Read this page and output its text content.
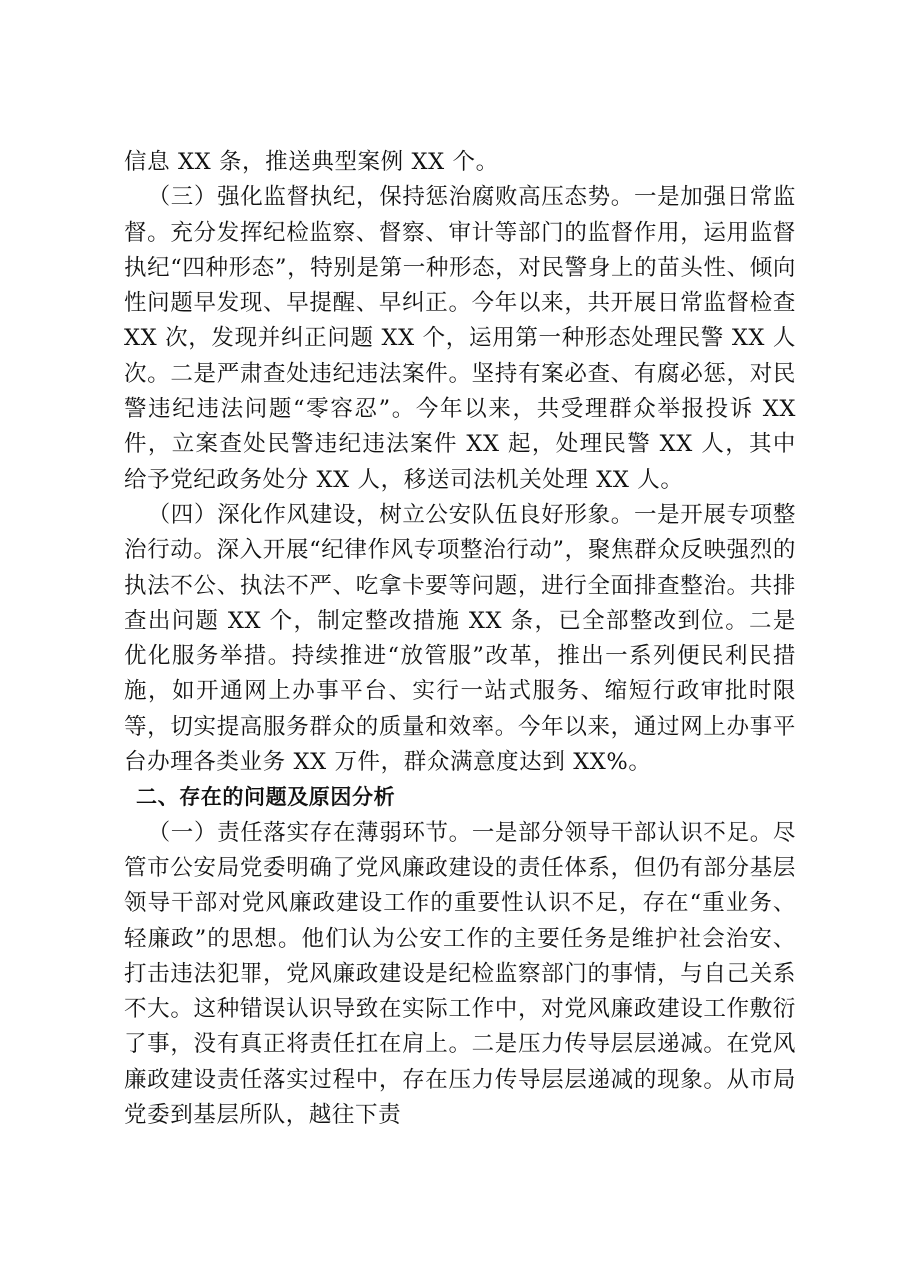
信息 XX 条，推送典型案例 XX 个。

（三）强化监督执纪，保持惩治腐败高压态势。一是加强日常监督。充分发挥纪检监察、督察、审计等部门的监督作用，运用监督执纪“四种形态”，特别是第一种形态，对民警身上的苗头性、倾向性问题早发现、早提醒、早纠正。今年以来，共开展日常监督检查 XX 次，发现并纠正问题 XX 个，运用第一种形态处理民警 XX 人次。二是严肃查处违纪违法案件。坚持有案必查、有腐必惩，对民警违纪违法问题“零容忍”。今年以来，共受理群众举报投诉 XX 件，立案查处民警违纪违法案件 XX 起，处理民警 XX 人，其中给予党纪政务处分 XX 人，移送司法机关处理 XX 人。

（四）深化作风建设，树立公安队伍良好形象。一是开展专项整治行动。深入开展“纪律作风专项整治行动”，聚焦群众反映强烈的执法不公、执法不严、吃拿卡要等问题，进行全面排查整治。共排查出问题 XX 个，制定整改措施 XX 条，已全部整改到位。二是优化服务举措。持续推进“放管服”改革，推出一系列便民利民措施，如开通网上办事平台、实行一站式服务、缩短行政审批时限等，切实提高服务群众的质量和效率。今年以来，通过网上办事平台办理各类业务 XX 万件，群众满意度达到 XX%。

二、存在的问题及原因分析

（一）责任落实存在薄弱环节。一是部分领导干部认识不足。尽管市公安局党委明确了党风廉政建设的责任体系，但仍有部分基层领导干部对党风廉政建设工作的重要性认识不足，存在“重业务、轻廉政”的思想。他们认为公安工作的主要任务是维护社会治安、打击违法犯罪，党风廉政建设是纪检监察部门的事情，与自己关系不大。这种错误认识导致在实际工作中，对党风廉政建设工作敷衍了事，没有真正将责任扛在肩上。二是压力传导层层递减。在党风廉政建设责任落实过程中，存在压力传导层层递减的现象。从市局党委到基层所队，越往下责
